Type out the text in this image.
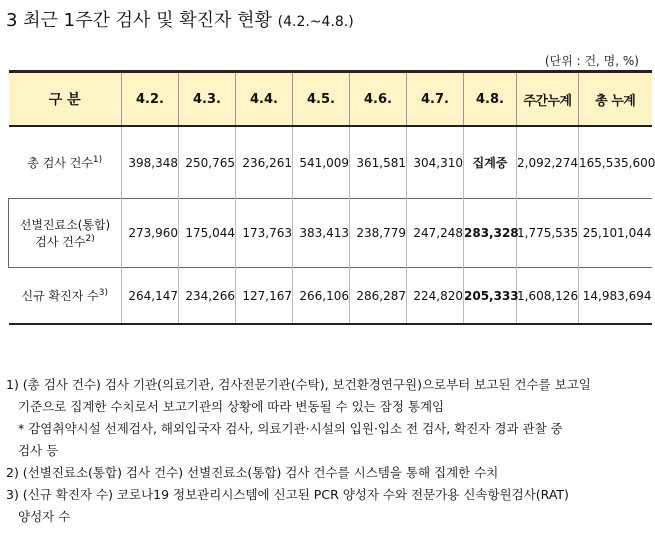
3 최근 1주간 검사 및 확진자 현황 (4.2.~4.8.)
(단위 : 건, 명, %)
구 분	4.2.	4.3.	4.4.	4.5.	4.6.	4.7.	4.8.	주간누계	총 누계
총 검사 건수$^{1)}$	398,348	250,765	236,261	541,009	361,581	304,310	집계중	2,092,274	165,535,600
선별진료소(통합)
검사 건수$^{2)}$	273,960	175,044	173,763	383,413	238,779	247,248	283,328	1,775,535	25,101,044
신규 확진자 수$^{3)}$	264,147	234,266	127,167	266,106	286,287	224,820	205,333	1,608,126	14,983,694

1) (총 검사 건수) 검사 기관(의료기관, 검사전문기관(수탁), 보건환경연구원)으로부터 보고된 건수를 보고일

기준으로 집계한 수치로서 보고기관의 상황에 따라 변동될 수 있는 잠정 통계임

* 감염취약시설 선제검사, 해외입국자 검사, 의료기관·시설의 입원·입소 전 검사, 확진자 경과 관찰 중

검사 등

2) (선별진료소(통합) 검사 건수) 선별진료소(통합) 검사 건수를 시스템을 통해 집계한 수치

3) (신규 확진자 수) 코로나19 정보관리시스템에 신고된 PCR 양성자 수와 전문가용 신속항원검사(RAT)

양성자 수
